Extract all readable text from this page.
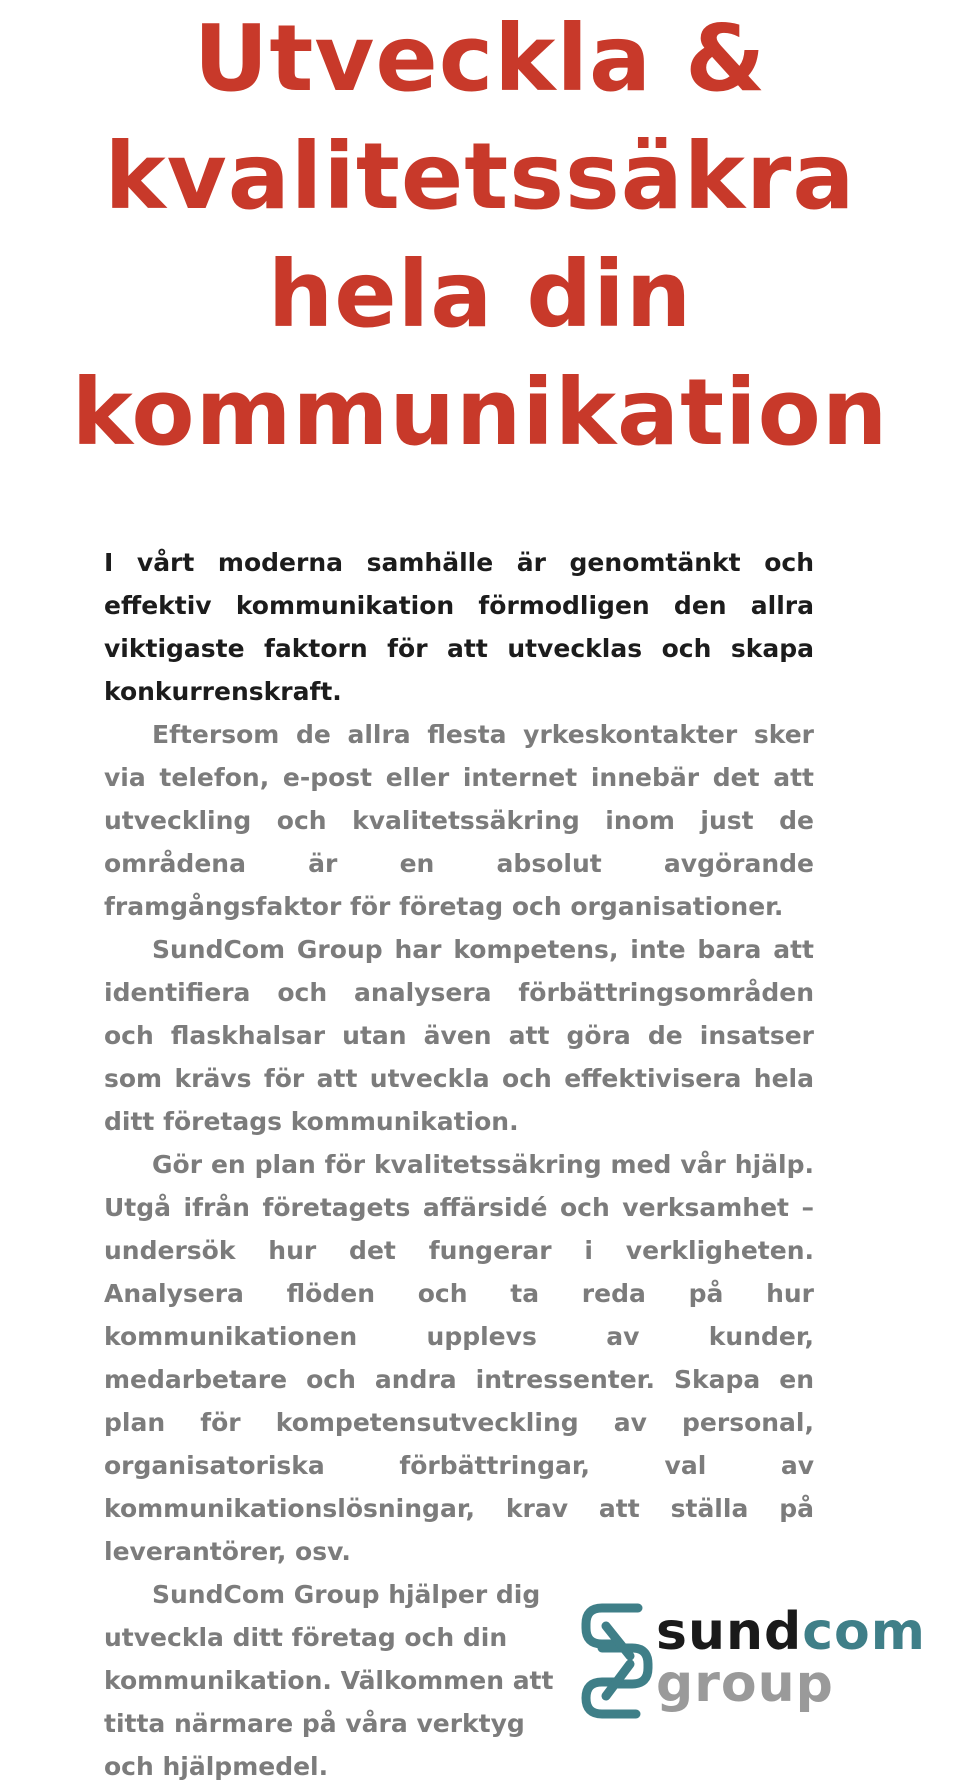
Utveckla &
kvalitetssäkra
hela din
kommunikation

I vårt moderna samhälle är genomtänkt och effektiv kommunikation förmodligen den allra viktigaste faktorn för att utvecklas och skapa konkurrenskraft.

Eftersom de allra flesta yrkeskontakter sker via telefon, e-post eller internet innebär det att utveckling och kvalitetssäkring inom just de områdena är en absolut avgörande framgångsfaktor för företag och organisationer.

SundCom Group har kompetens, inte bara att identifiera och analysera förbättringsområden och flaskhalsar utan även att göra de insatser som krävs för att utveckla och effektivisera hela ditt företags kommunikation.

Gör en plan för kvalitetssäkring med vår hjälp. Utgå ifrån företagets affärsidé och verksamhet – undersök hur det fungerar i verkligheten. Analysera flöden och ta reda på hur kommunikationen upplevs av kunder, medarbetare och andra intressenter. Skapa en plan för kompetensutveckling av personal, organisatoriska förbättringar, val av kommunikationslösningar, krav att ställa på leverantörer, osv.

SundCom Group hjälper dig utveckla ditt företag och din kommunikation. Välkommen att titta närmare på våra verktyg och hjälpmedel.

sundcom
group
